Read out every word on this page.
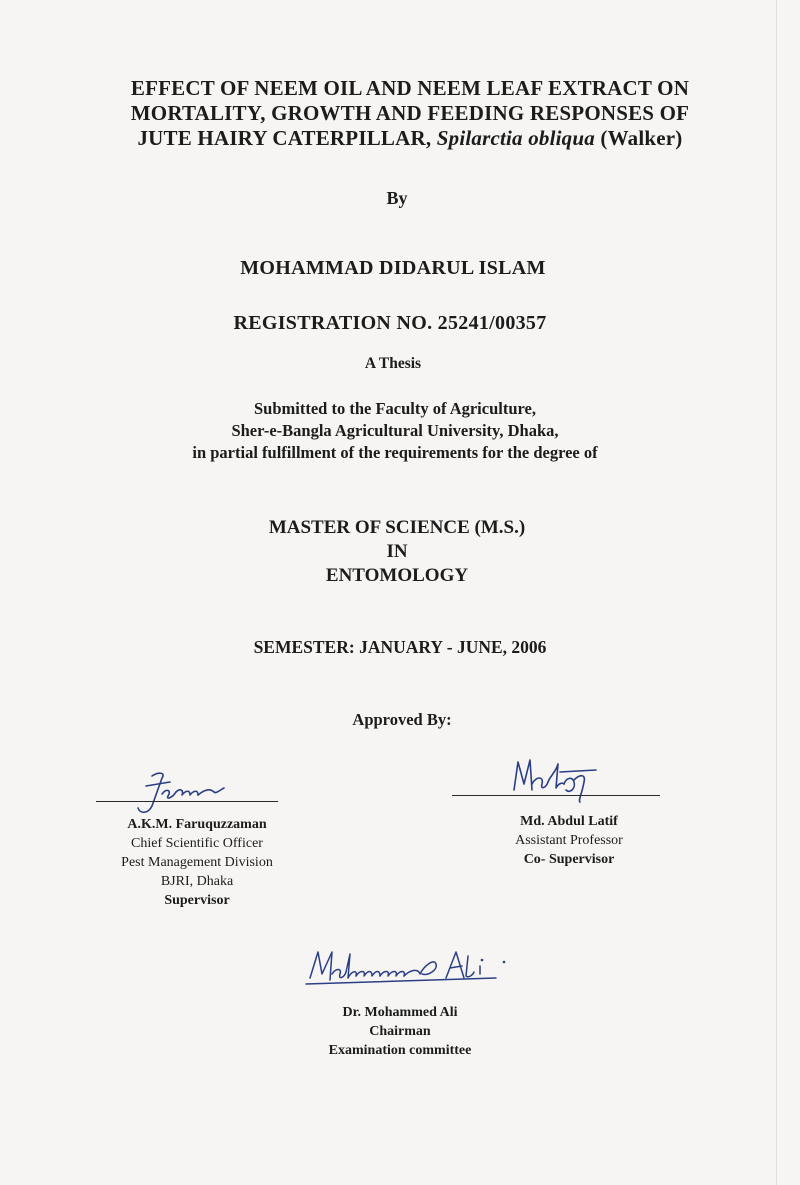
EFFECT OF NEEM OIL AND NEEM LEAF EXTRACT ON
MORTALITY, GROWTH AND FEEDING RESPONSES OF
JUTE HAIRY CATERPILLAR, Spilarctia obliqua (Walker)
By
MOHAMMAD DIDARUL ISLAM
REGISTRATION NO. 25241/00357
A Thesis
Submitted to the Faculty of Agriculture,
Sher-e-Bangla Agricultural University, Dhaka,
in partial fulfillment of the requirements for the degree of
MASTER OF SCIENCE (M.S.)
IN
ENTOMOLOGY
SEMESTER: JANUARY - JUNE, 2006
Approved By:
A.K.M. Faruquzzaman
Chief Scientific Officer
Pest Management Division
BJRI, Dhaka
Supervisor
Md. Abdul Latif
Assistant Professor
Co- Supervisor
Dr. Mohammed Ali
Chairman
Examination committee
